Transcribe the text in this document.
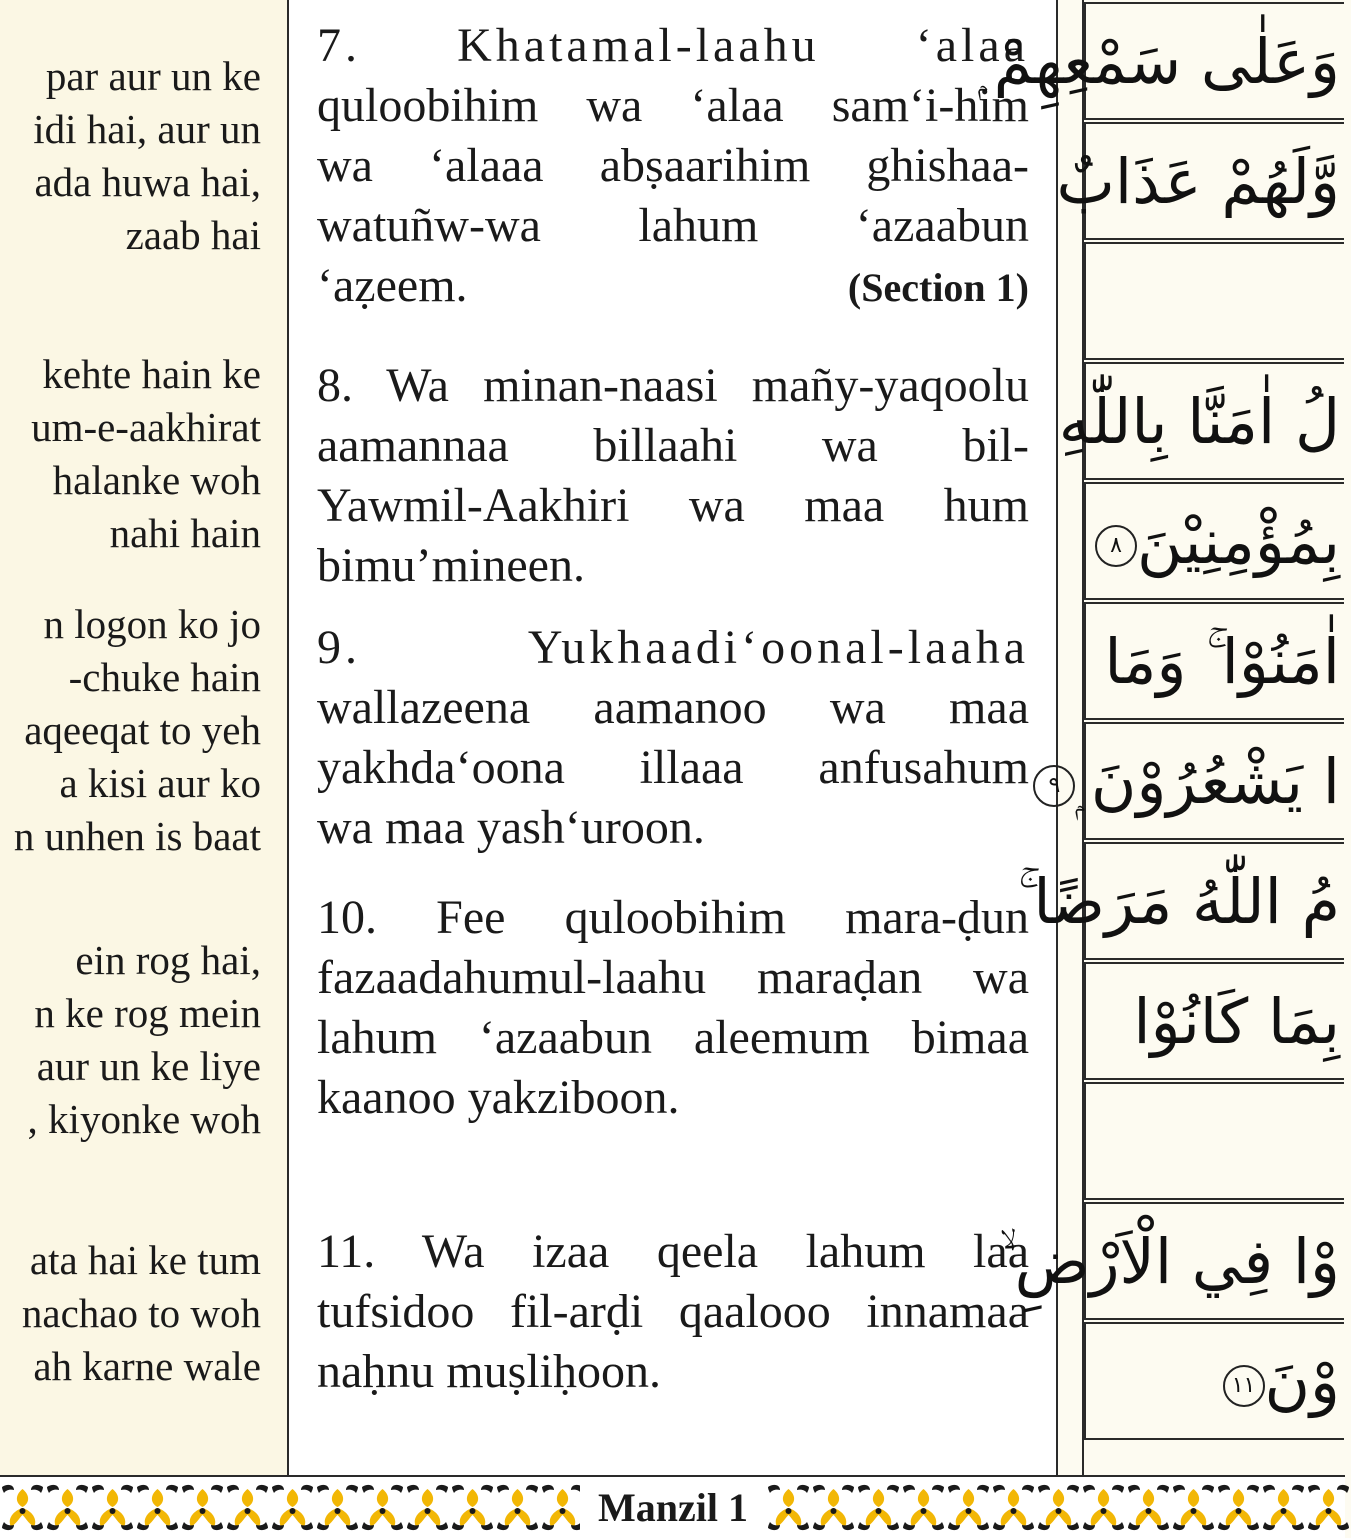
par aur un ke
idi hai, aur un
ada huwa hai,
zaab hai
kehte hain ke
um-e-aakhirat
halanke woh
nahi hain
n logon ko jo
-chuke hain
aqeeqat to yeh
a kisi aur ko
n unhen is baat
ein rog hai,
n ke rog mein
aur un ke liye
, kiyonke woh
ata hai ke tum
nachao to woh
ah karne wale
7. Khatamal-laahu ‘alaa
quloobihim wa ‘alaa sam‘i-him
wa ‘alaaa abṣaarihim ghishaa-
watuñw-wa lahum ‘azaabun
‘aẓeem.	(Section 1)
8. Wa minan-naasi mañy-yaqoolu
aamannaa billaahi wa bil-
Yawmil-Aakhiri wa maa hum
bimu’mineen.
9. Yukhaadi‘oonal-laaha
wallazeena aamanoo wa maa
yakhda‘oona illaaa anfusahum
wa maa yash‘uroon.
10. Fee quloobihim mara-ḍun
fazaadahumul-laahu maraḍan wa
lahum ‘azaabun aleemum bimaa
kaanoo yakziboon.
11. Wa izaa qeela lahum laa
tufsidoo fil-arḍi qaalooo innamaa
naḥnu muṣliḥoon.
وَعَلٰى سَمْعِهِمْ ۭ
وَّلَهُمْ عَذَابٌ
لُ اٰمَنَّا بِاللّٰهِ
بِمُؤْمِنِيْنَ٨
اٰمَنُوْا ۚ وَمَا
ا يَشْعُرُوْنَ ۭ٩
مُ اللّٰهُ مَرَضًا ۚ
بِمَا كَانُوْا
وْا فِي الْاَرْضِ ۙ
وْنَ١١
Manzil 1
